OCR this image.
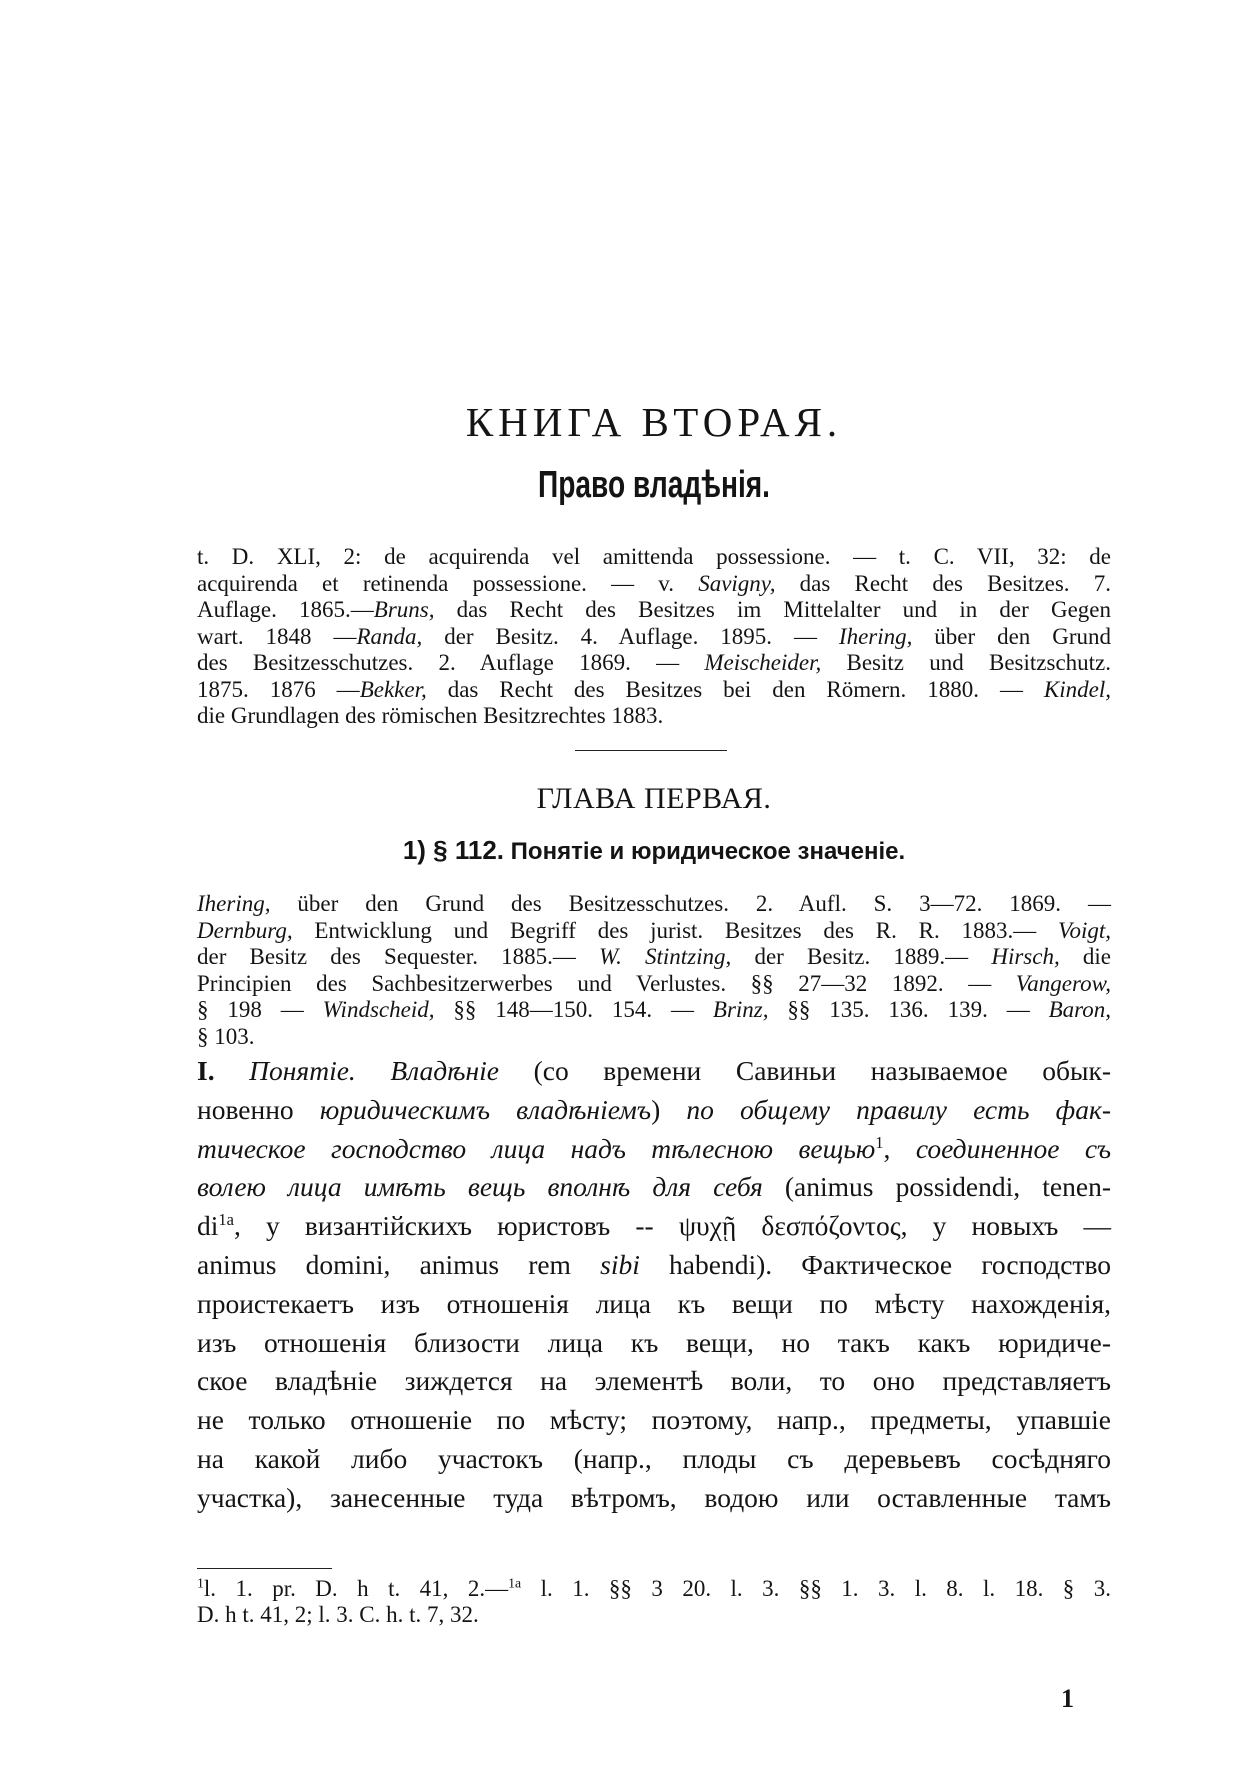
КНИГА ВТОРАЯ.
Право владѣнія.
t. D. XLI, 2: de acquirenda vel amittenda possessione. — t. C. VII, 32: de
acquirenda et retinenda possessione. — v. Savigny, das Recht des Besitzes. 7.
Auflage. 1865.—Bruns, das Recht des Besitzes im Mittelalter und in der Gegen
wart. 1848 —Randa, der Besitz. 4. Auflage. 1895. — Ihering, über den Grund
des Besitzesschutzes. 2. Auflage 1869. — Meischeider, Besitz und Besitzschutz.
1875. 1876 —Bekker, das Recht des Besitzes bei den Römern. 1880. — Kindel,
die Grundlagen des römischen Besitzrechtes 1883.
ГЛАВА ПЕРВАЯ.
1) § 112. Понятіе и юридическое значеніе.
Ihering, über den Grund des Besitzesschutzes. 2. Aufl. S. 3—72. 1869. —
Dernburg, Entwicklung und Begriff des jurist. Besitzes des R. R. 1883.— Voigt,
der Besitz des Sequester. 1885.— W. Stintzing, der Besitz. 1889.— Hirsch, die
Principien des Sachbesitzerwerbes und Verlustes. §§ 27—32 1892. — Vangerow,
§ 198 — Windscheid, §§ 148—150. 154. — Brinz, §§ 135. 136. 139. — Baron,
§ 103.
I. Понятіе. Владѣніе (со времени Савиньи называемое обык-
новенно юридическимъ владѣніемъ) по общему правилу есть фак-
тическое господство лица надъ тѣлесною вещью$^1$, соединенное съ
волею лица имѣть вещь вполнѣ для себя (animus possidendi, tenen-
$di^{1a}$, у византійскихъ юристовъ -- ψυχῇ δεσπόζοντος, у новыхъ —
animus domini, animus rem sibi habendi). Фактическое господство
проистекаетъ изъ отношенія лица къ вещи по мѣсту нахожденія,
изъ отношенія близости лица къ вещи, но такъ какъ юридиче-
ское владѣніе зиждется на элементѣ воли, то оно представляетъ
не только отношеніе по мѣсту; поэтому, напр., предметы, упавшіе
на какой либо участокъ (напр., плоды съ деревьевъ сосѣдняго
участка), занесенные туда вѣтромъ, водою или оставленные тамъ
$^1$l. 1. pr. D. h t. 41, 2.—$^{1a}$ l. 1. §§ 3 20. l. 3. §§ 1. 3. l. 8. l. 18. § 3.
D. h t. 41, 2; l. 3. C. h. t. 7, 32.
1
